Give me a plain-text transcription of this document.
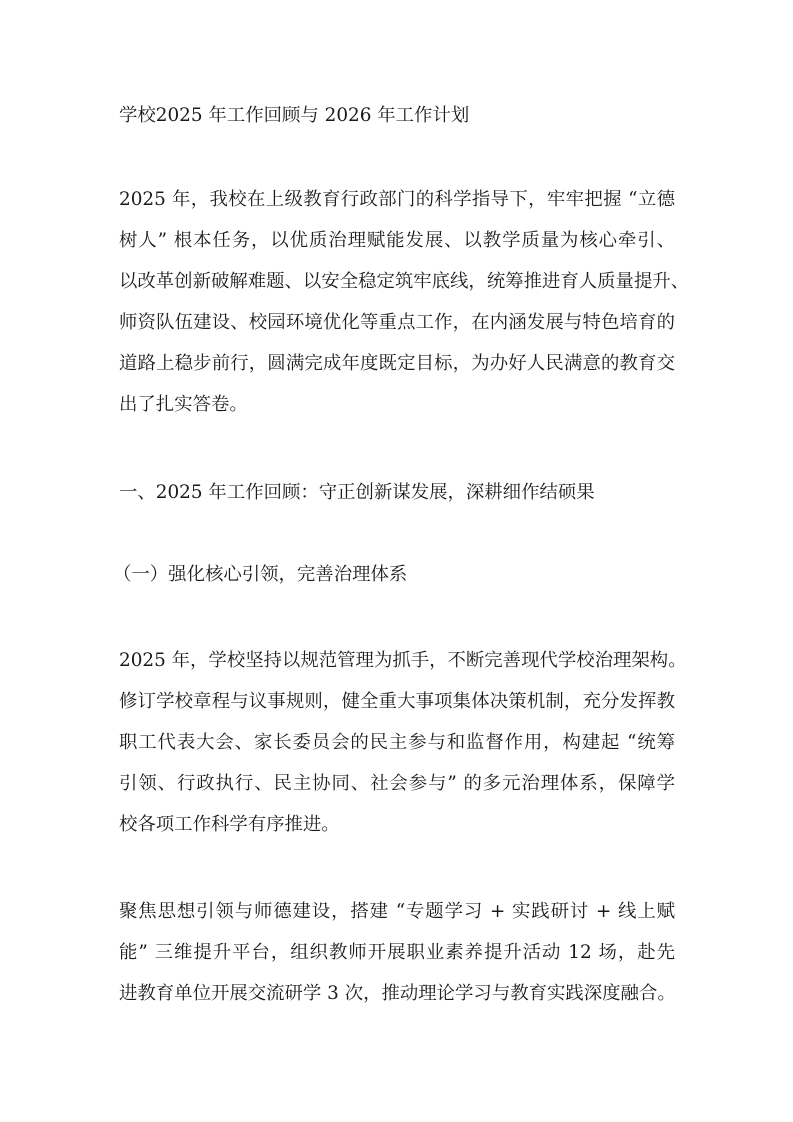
学校2025 年工作回顾与 2026 年工作计划
2025 年，我校在上级教育行政部门的科学指导下，牢牢把握 “立德
树人” 根本任务，以优质治理赋能发展、以教学质量为核心牵引、
以改革创新破解难题、以安全稳定筑牢底线，统筹推进育人质量提升、
师资队伍建设、校园环境优化等重点工作，在内涵发展与特色培育的
道路上稳步前行，圆满完成年度既定目标，为办好人民满意的教育交
出了扎实答卷。
一、2025 年工作回顾：守正创新谋发展，深耕细作结硕果
（一）强化核心引领，完善治理体系
2025 年，学校坚持以规范管理为抓手，不断完善现代学校治理架构。
修订学校章程与议事规则，健全重大事项集体决策机制，充分发挥教
职工代表大会、家长委员会的民主参与和监督作用，构建起 “统筹
引领、行政执行、民主协同、社会参与” 的多元治理体系，保障学
校各项工作科学有序推进。
聚焦思想引领与师德建设，搭建 “专题学习 + 实践研讨 + 线上赋
能” 三维提升平台，组织教师开展职业素养提升活动 12 场，赴先
进教育单位开展交流研学 3 次，推动理论学习与教育实践深度融合。
